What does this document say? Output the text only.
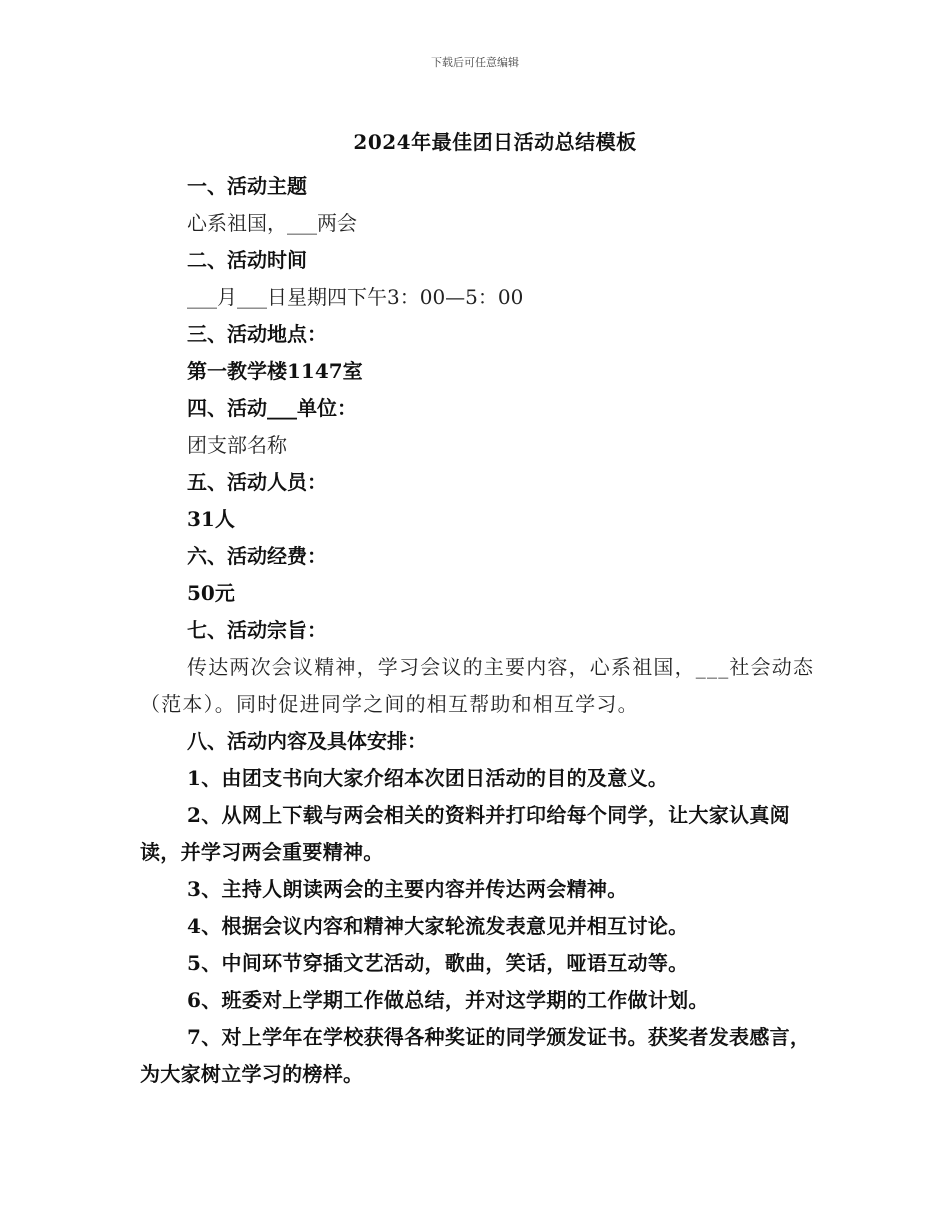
下载后可任意编辑
2024年最佳团日活动总结模板
一、活动主题
心系祖国，___两会
二、活动时间
___月___日星期四下午3：00—5：00
三、活动地点：
第一教学楼1147室
四、活动___单位：
团支部名称
五、活动人员：
31人
六、活动经费：
50元
七、活动宗旨：
传达两次会议精神，学习会议的主要内容，心系祖国，___社会动态（范本）。同时促进同学之间的相互帮助和相互学习。
八、活动内容及具体安排：
1、由团支书向大家介绍本次团日活动的目的及意义。
2、从网上下载与两会相关的资料并打印给每个同学，让大家认真阅读，并学习两会重要精神。
3、主持人朗读两会的主要内容并传达两会精神。
4、根据会议内容和精神大家轮流发表意见并相互讨论。
5、中间环节穿插文艺活动，歌曲，笑话，哑语互动等。
6、班委对上学期工作做总结，并对这学期的工作做计划。
7、对上学年在学校获得各种奖证的同学颁发证书。获奖者发表感言，为大家树立学习的榜样。
